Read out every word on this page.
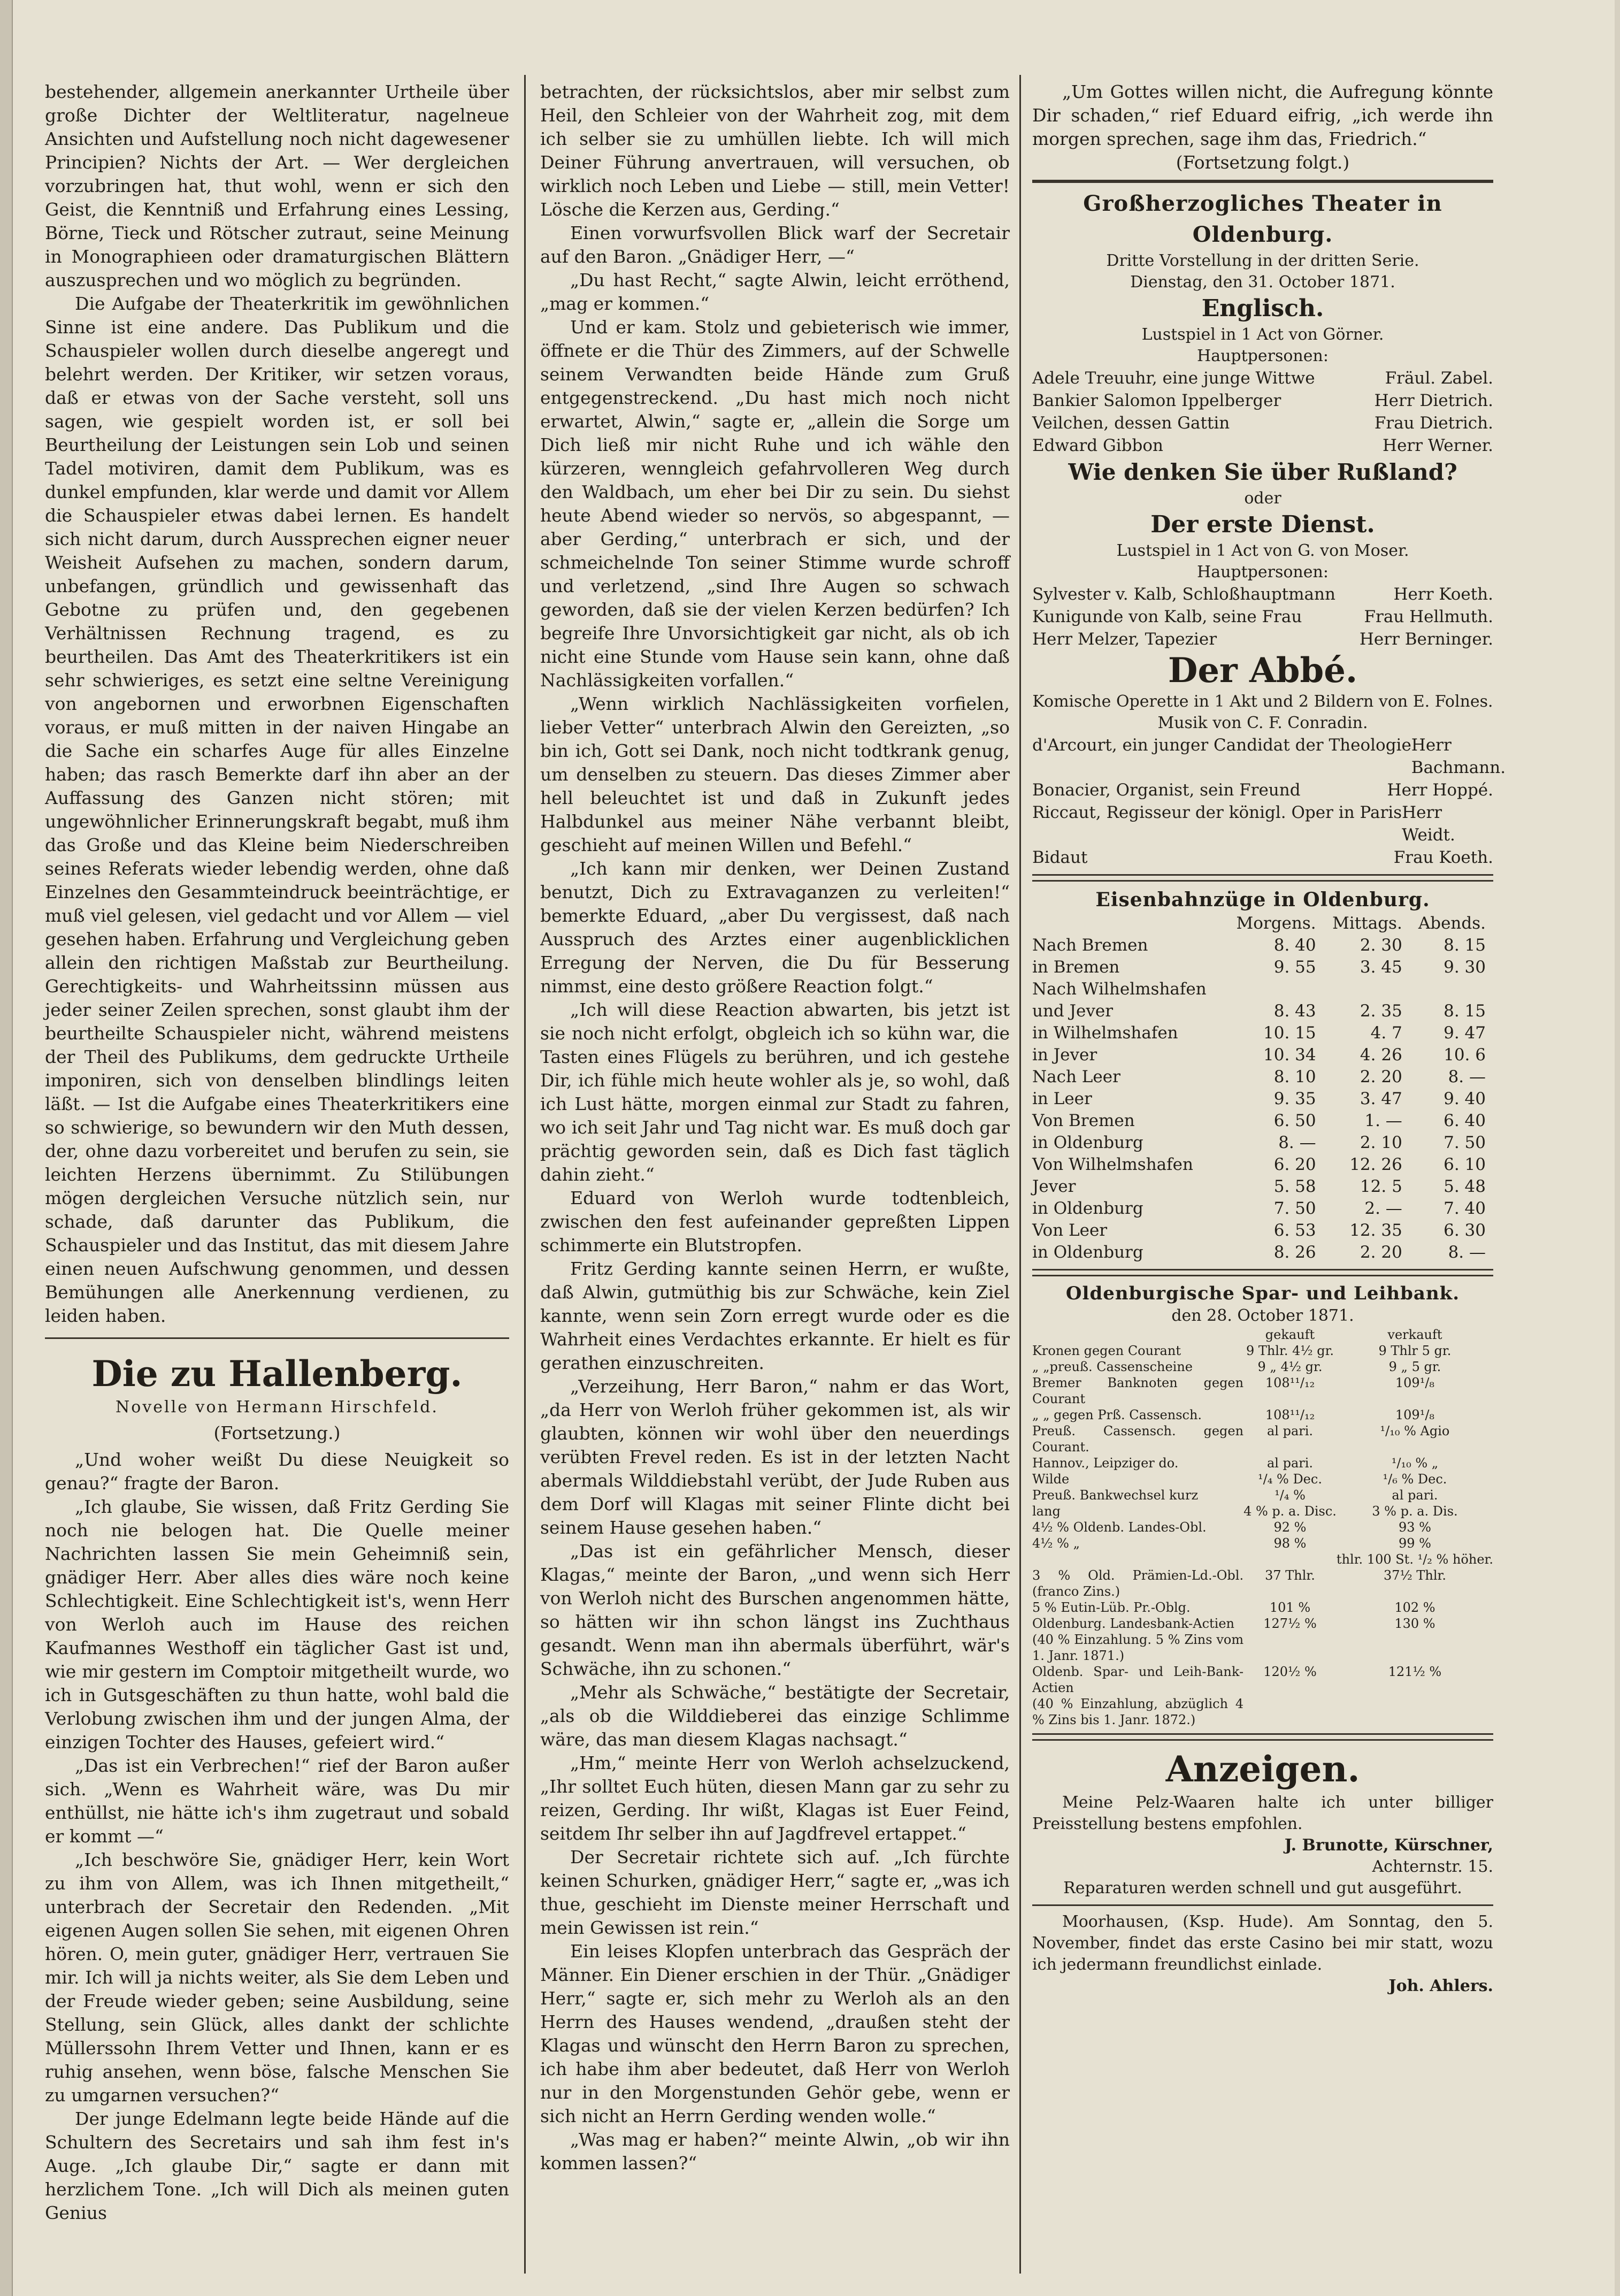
bestehender, allgemein anerkannter Urtheile über große Dichter der Weltliteratur, nagelneue Ansichten und Aufstellung noch nicht dagewesener Principien? Nichts der Art. — Wer dergleichen vorzubringen hat, thut wohl, wenn er sich den Geist, die Kenntniß und Erfahrung eines Lessing, Börne, Tieck und Rötscher zutraut, seine Meinung in Monographieen oder dramaturgischen Blättern auszusprechen und wo möglich zu begründen.

Die Aufgabe der Theaterkritik im gewöhnlichen Sinne ist eine andere. Das Publikum und die Schauspieler wollen durch dieselbe angeregt und belehrt werden. Der Kritiker, wir setzen voraus, daß er etwas von der Sache versteht, soll uns sagen, wie gespielt worden ist, er soll bei Beurtheilung der Leistungen sein Lob und seinen Tadel motiviren, damit dem Publikum, was es dunkel empfunden, klar werde und damit vor Allem die Schauspieler etwas dabei lernen. Es handelt sich nicht darum, durch Aussprechen eigner neuer Weisheit Aufsehen zu machen, sondern darum, unbefangen, gründlich und gewissenhaft das Gebotne zu prüfen und, den gegebenen Verhältnissen Rechnung tragend, es zu beurtheilen. Das Amt des Theaterkritikers ist ein sehr schwieriges, es setzt eine seltne Vereinigung von angebornen und erworbnen Eigenschaften voraus, er muß mitten in der naiven Hingabe an die Sache ein scharfes Auge für alles Einzelne haben; das rasch Bemerkte darf ihn aber an der Auffassung des Ganzen nicht stören; mit ungewöhnlicher Erinnerungskraft begabt, muß ihm das Große und das Kleine beim Niederschreiben seines Referats wieder lebendig werden, ohne daß Einzelnes den Gesammteindruck beeinträchtige, er muß viel gelesen, viel gedacht und vor Allem — viel gesehen haben. Erfahrung und Vergleichung geben allein den richtigen Maßstab zur Beurtheilung. Gerechtigkeits- und Wahrheitssinn müssen aus jeder seiner Zeilen sprechen, sonst glaubt ihm der beurtheilte Schauspieler nicht, während meistens der Theil des Publikums, dem gedruckte Urtheile imponiren, sich von denselben blindlings leiten läßt. — Ist die Aufgabe eines Theaterkritikers eine so schwierige, so bewundern wir den Muth dessen, der, ohne dazu vorbereitet und berufen zu sein, sie leichten Herzens übernimmt. Zu Stilübungen mögen dergleichen Versuche nützlich sein, nur schade, daß darunter das Publikum, die Schauspieler und das Institut, das mit diesem Jahre einen neuen Aufschwung genommen, und dessen Bemühungen alle Anerkennung verdienen, zu leiden haben.

Die zu Hallenberg.
Novelle von Hermann Hirschfeld.
(Fortsetzung.)

„Und woher weißt Du diese Neuigkeit so genau?“ fragte der Baron.

„Ich glaube, Sie wissen, daß Fritz Gerding Sie noch nie belogen hat. Die Quelle meiner Nachrichten lassen Sie mein Geheimniß sein, gnädiger Herr. Aber alles dies wäre noch keine Schlechtigkeit. Eine Schlechtigkeit ist's, wenn Herr von Werloh auch im Hause des reichen Kaufmannes Westhoff ein täglicher Gast ist und, wie mir gestern im Comptoir mitgetheilt wurde, wo ich in Gutsgeschäften zu thun hatte, wohl bald die Verlobung zwischen ihm und der jungen Alma, der einzigen Tochter des Hauses, gefeiert wird.“

„Das ist ein Verbrechen!“ rief der Baron außer sich. „Wenn es Wahrheit wäre, was Du mir enthüllst, nie hätte ich's ihm zugetraut und sobald er kommt —“

„Ich beschwöre Sie, gnädiger Herr, kein Wort zu ihm von Allem, was ich Ihnen mitgetheilt,“ unterbrach der Secretair den Redenden. „Mit eigenen Augen sollen Sie sehen, mit eigenen Ohren hören. O, mein guter, gnädiger Herr, vertrauen Sie mir. Ich will ja nichts weiter, als Sie dem Leben und der Freude wieder geben; seine Ausbildung, seine Stellung, sein Glück, alles dankt der schlichte Müllerssohn Ihrem Vetter und Ihnen, kann er es ruhig ansehen, wenn böse, falsche Menschen Sie zu umgarnen versuchen?“

Der junge Edelmann legte beide Hände auf die Schultern des Secretairs und sah ihm fest in's Auge. „Ich glaube Dir,“ sagte er dann mit herzlichem Tone. „Ich will Dich als meinen guten Genius

betrachten, der rücksichtslos, aber mir selbst zum Heil, den Schleier von der Wahrheit zog, mit dem ich selber sie zu umhüllen liebte. Ich will mich Deiner Führung anvertrauen, will versuchen, ob wirklich noch Leben und Liebe — still, mein Vetter! Lösche die Kerzen aus, Gerding.“

Einen vorwurfsvollen Blick warf der Secretair auf den Baron. „Gnädiger Herr, —“

„Du hast Recht,“ sagte Alwin, leicht erröthend, „mag er kommen.“

Und er kam. Stolz und gebieterisch wie immer, öffnete er die Thür des Zimmers, auf der Schwelle seinem Verwandten beide Hände zum Gruß entgegenstreckend. „Du hast mich noch nicht erwartet, Alwin,“ sagte er, „allein die Sorge um Dich ließ mir nicht Ruhe und ich wähle den kürzeren, wenngleich gefahrvolleren Weg durch den Waldbach, um eher bei Dir zu sein. Du siehst heute Abend wieder so nervös, so abgespannt, — aber Gerding,“ unterbrach er sich, und der schmeichelnde Ton seiner Stimme wurde schroff und verletzend, „sind Ihre Augen so schwach geworden, daß sie der vielen Kerzen bedürfen? Ich begreife Ihre Unvorsichtigkeit gar nicht, als ob ich nicht eine Stunde vom Hause sein kann, ohne daß Nachlässigkeiten vorfallen.“

„Wenn wirklich Nachlässigkeiten vorfielen, lieber Vetter“ unterbrach Alwin den Gereizten, „so bin ich, Gott sei Dank, noch nicht todtkrank genug, um denselben zu steuern. Das dieses Zimmer aber hell beleuchtet ist und daß in Zukunft jedes Halbdunkel aus meiner Nähe verbannt bleibt, geschieht auf meinen Willen und Befehl.“

„Ich kann mir denken, wer Deinen Zustand benutzt, Dich zu Extravaganzen zu verleiten!“ bemerkte Eduard, „aber Du vergissest, daß nach Ausspruch des Arztes einer augenblicklichen Erregung der Nerven, die Du für Besserung nimmst, eine desto größere Reaction folgt.“

„Ich will diese Reaction abwarten, bis jetzt ist sie noch nicht erfolgt, obgleich ich so kühn war, die Tasten eines Flügels zu berühren, und ich gestehe Dir, ich fühle mich heute wohler als je, so wohl, daß ich Lust hätte, morgen einmal zur Stadt zu fahren, wo ich seit Jahr und Tag nicht war. Es muß doch gar prächtig geworden sein, daß es Dich fast täglich dahin zieht.“

Eduard von Werloh wurde todtenbleich, zwischen den fest aufeinander gepreßten Lippen schimmerte ein Blutstropfen.

Fritz Gerding kannte seinen Herrn, er wußte, daß Alwin, gutmüthig bis zur Schwäche, kein Ziel kannte, wenn sein Zorn erregt wurde oder es die Wahrheit eines Verdachtes erkannte. Er hielt es für gerathen einzuschreiten.

„Verzeihung, Herr Baron,“ nahm er das Wort, „da Herr von Werloh früher gekommen ist, als wir glaubten, können wir wohl über den neuerdings verübten Frevel reden. Es ist in der letzten Nacht abermals Wilddiebstahl verübt, der Jude Ruben aus dem Dorf will Klagas mit seiner Flinte dicht bei seinem Hause gesehen haben.“

„Das ist ein gefährlicher Mensch, dieser Klagas,“ meinte der Baron, „und wenn sich Herr von Werloh nicht des Burschen angenommen hätte, so hätten wir ihn schon längst ins Zuchthaus gesandt. Wenn man ihn abermals überführt, wär's Schwäche, ihn zu schonen.“

„Mehr als Schwäche,“ bestätigte der Secretair, „als ob die Wilddieberei das einzige Schlimme wäre, das man diesem Klagas nachsagt.“

„Hm,“ meinte Herr von Werloh achselzuckend, „Ihr solltet Euch hüten, diesen Mann gar zu sehr zu reizen, Gerding. Ihr wißt, Klagas ist Euer Feind, seitdem Ihr selber ihn auf Jagdfrevel ertappet.“

Der Secretair richtete sich auf. „Ich fürchte keinen Schurken, gnädiger Herr,“ sagte er, „was ich thue, geschieht im Dienste meiner Herrschaft und mein Gewissen ist rein.“

Ein leises Klopfen unterbrach das Gespräch der Männer. Ein Diener erschien in der Thür. „Gnädiger Herr,“ sagte er, sich mehr zu Werloh als an den Herrn des Hauses wendend, „draußen steht der Klagas und wünscht den Herrn Baron zu sprechen, ich habe ihm aber bedeutet, daß Herr von Werloh nur in den Morgenstunden Gehör gebe, wenn er sich nicht an Herrn Gerding wenden wolle.“

„Was mag er haben?“ meinte Alwin, „ob wir ihn kommen lassen?“

„Um Gottes willen nicht, die Aufregung könnte Dir schaden,“ rief Eduard eifrig, „ich werde ihn morgen sprechen, sage ihm das, Friedrich.“

(Fortsetzung folgt.)
Großherzogliches Theater in Oldenburg.
Dritte Vorstellung in der dritten Serie.
Dienstag, den 31. October 1871.
Englisch.
Lustspiel in 1 Act von Görner.
Hauptpersonen:
Adele Treuuhr, eine junge Wittwe	Fräul. Zabel.
Bankier Salomon Ippelberger	Herr Dietrich.
Veilchen, dessen Gattin	Frau Dietrich.
Edward Gibbon	Herr Werner.
Wie denken Sie über Rußland?
oder
Der erste Dienst.
Lustspiel in 1 Act von G. von Moser.
Hauptpersonen:
Sylvester v. Kalb, Schloßhauptmann	Herr Koeth.
Kunigunde von Kalb, seine Frau	Frau Hellmuth.
Herr Melzer, Tapezier	Herr Berninger.
Der Abbé.
Komische Operette in 1 Akt und 2 Bildern von E. Folnes. Musik von C. F. Conradin.
d'Arcourt, ein junger Candidat der Theologie Herr Bachmann.
Bonacier, Organist, sein Freund	Herr Hoppé.
Riccaut, Regisseur der königl. Oper in Paris Herr Weidt.
Bidaut	Frau Koeth.
Eisenbahnzüge in Oldenburg.
	Morgens.	Mittags.	Abends.
Nach Bremen	8. 40	2. 30	8. 15
in Bremen	9. 55	3. 45	9. 30
Nach Wilhelmshafen			
und Jever	8. 43	2. 35	8. 15
in Wilhelmshafen	10. 15	4. 7	9. 47
in Jever	10. 34	4. 26	10. 6
Nach Leer	8. 10	2. 20	8. —
in Leer	9. 35	3. 47	9. 40
Von Bremen	6. 50	1. —	6. 40
in Oldenburg	8. —	2. 10	7. 50
Von Wilhelmshafen	6. 20	12. 26	6. 10
Jever	5. 58	12. 5	5. 48
in Oldenburg	7. 50	2. —	7. 40
Von Leer	6. 53	12. 35	6. 30
in Oldenburg	8. 26	2. 20	8. —
Oldenburgische Spar- und Leihbank.
den 28. October 1871.
	gekauft	verkauft
Kronen gegen Courant	9 Thlr. 4½ gr.	9 Thlr 5 gr.
„ „preuß. Cassenscheine	9 „ 4½ gr.	9 „ 5 gr.
Bremer Banknoten gegen Courant	108¹¹/₁₂	109¹/₈
„ „ gegen Prß. Cassensch.	108¹¹/₁₂	109¹/₈
Preuß. Cassensch. gegen Courant.	al pari.	¹/₁₀ % Agio
Hannov., Leipziger do.	al pari.	¹/₁₀ % „
Wilde	¹/₄ % Dec.	¹/₆ % Dec.
Preuß. Bankwechsel kurz	¹/₄ %	al pari.
lang	4 % p. a. Disc.	3 % p. a. Dis.
4½ % Oldenb. Landes-Obl.	92 %	93 %
4½ % „	98 %	99 %
		thlr. 100 St. ¹/₂ % höher.
3 % Old. Prämien-Ld.-Obl. (franco Zins.)	37 Thlr.	37½ Thlr.
5 % Eutin-Lüb. Pr.-Oblg.	101 %	102 %
Oldenburg. Landesbank-Actien	127½ %	130 %
(40 % Einzahlung. 5 % Zins vom 1. Janr. 1871.)		
Oldenb. Spar- und Leih-Bank-Actien	120½ %	121½ %
(40 % Einzahlung, abzüglich 4 % Zins bis 1. Janr. 1872.)		
Anzeigen.

Meine Pelz-Waaren halte ich unter billiger Preisstellung bestens empfohlen.

J. Brunotte, Kürschner,
Achternstr. 15.
Reparaturen werden schnell und gut ausgeführt.

Moorhausen, (Ksp. Hude). Am Sonntag, den 5. November, findet das erste Casino bei mir statt, wozu ich jedermann freundlichst einlade.

Joh. Ahlers.
